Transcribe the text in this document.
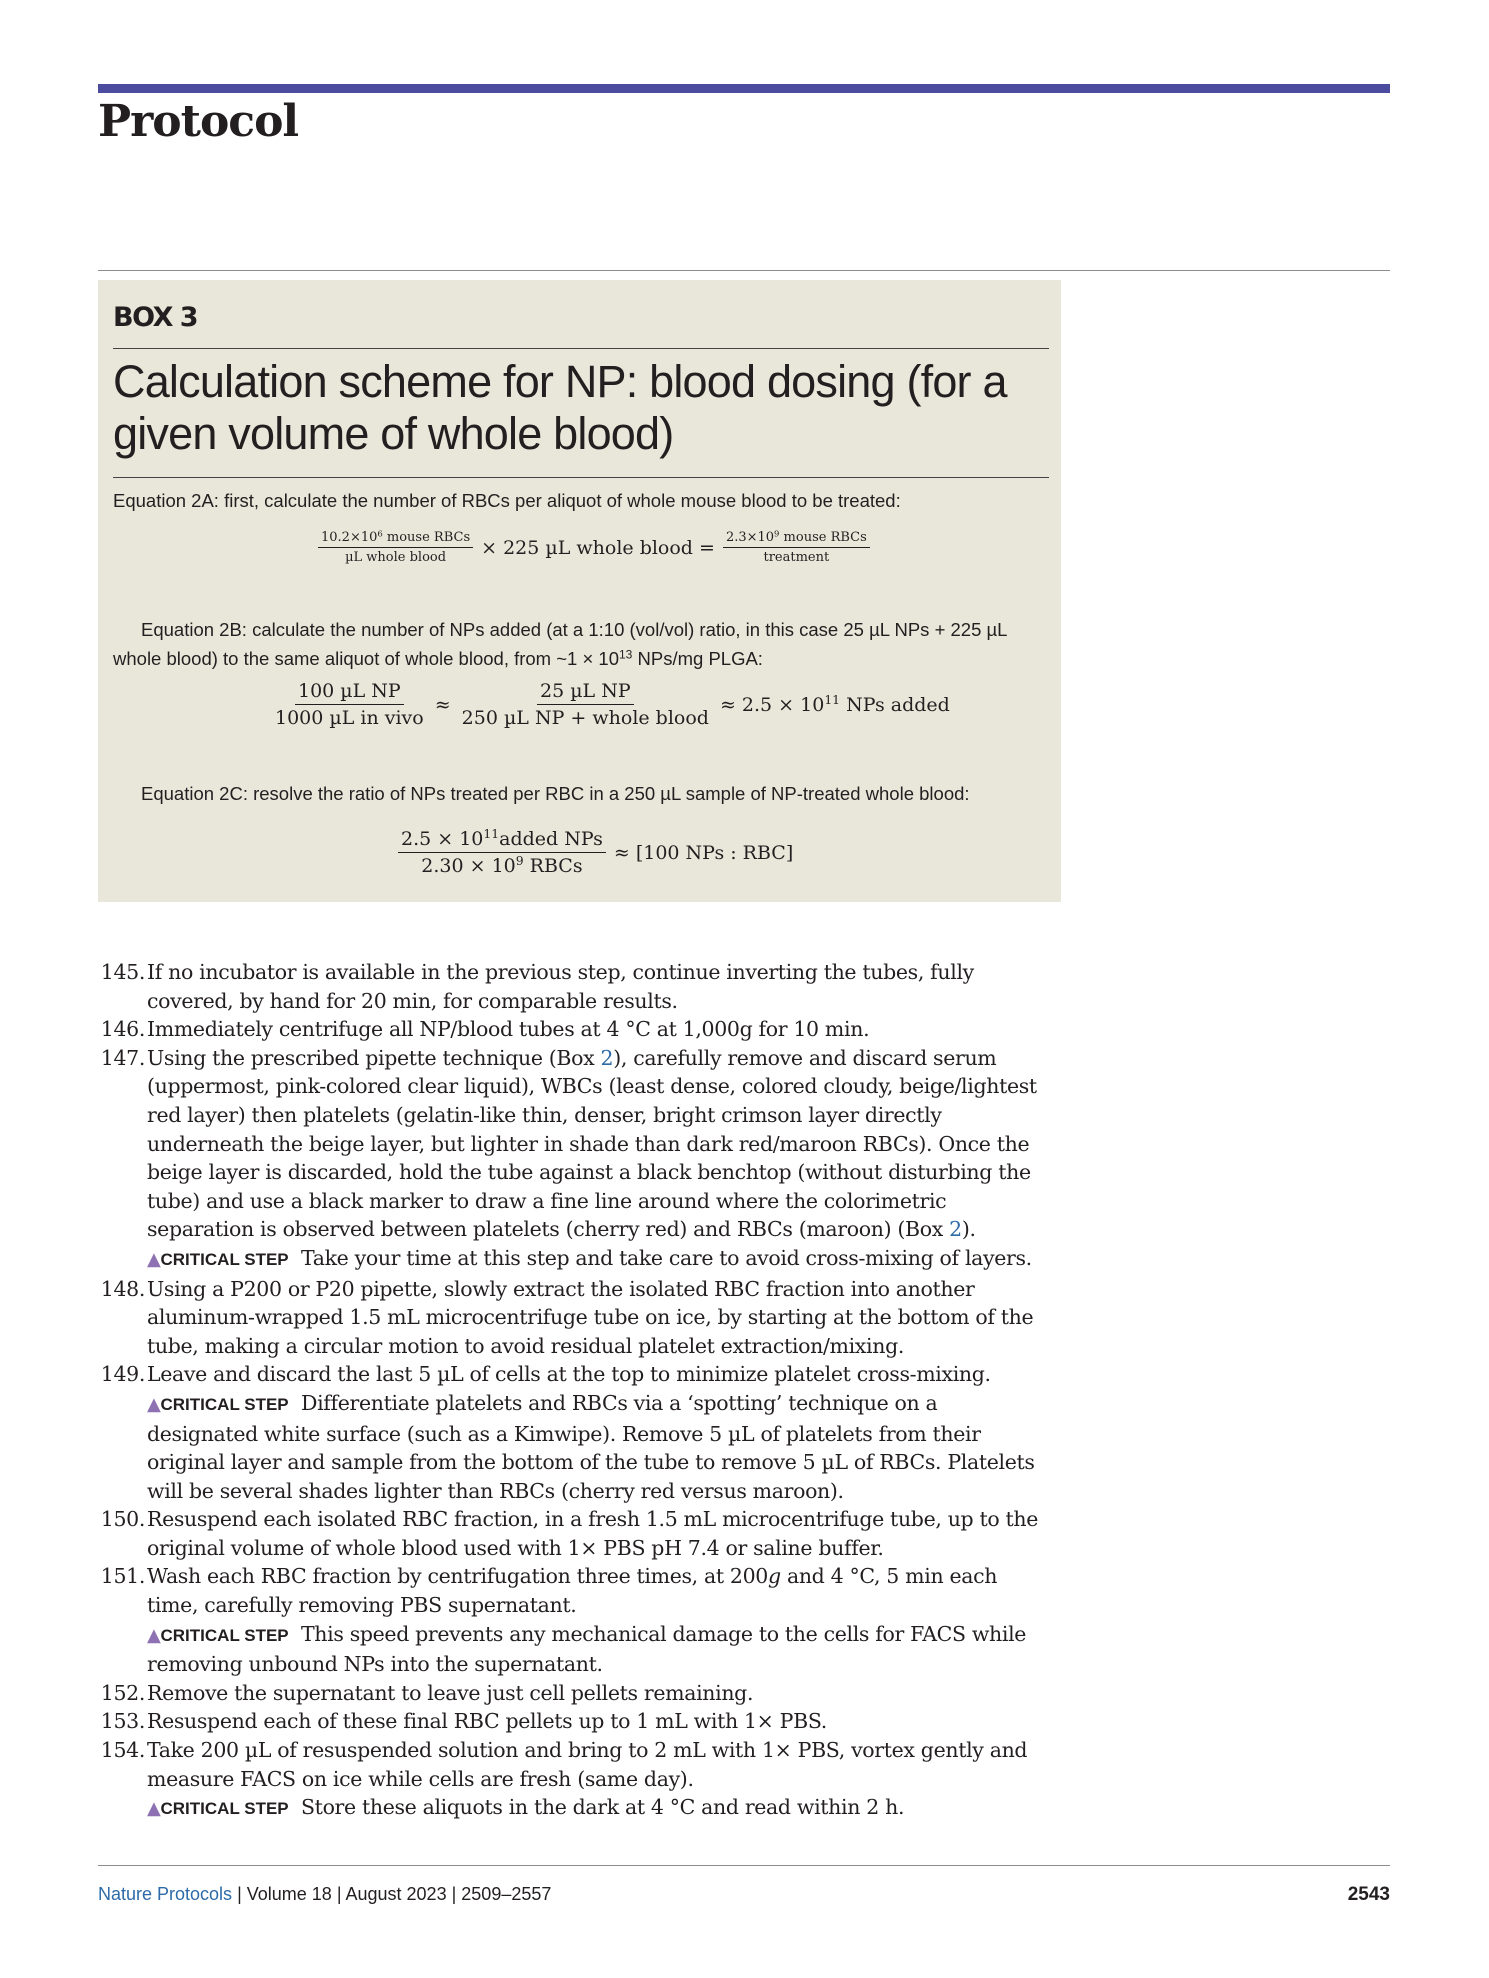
Protocol
BOX 3
Calculation scheme for NP: blood dosing (for a given volume of whole blood)
Equation 2A: first, calculate the number of RBCs per aliquot of whole mouse blood to be treated:
$\frac{10.2\times 10^6 mouse RBCs}{\text{µL whole blood}} \times 225$ µL whole blood = $\frac{2.3\times 10^9 mouse RBCs}{\text{treatment}}$
Equation 2B: calculate the number of NPs added (at a 1:10 (vol/vol) ratio, in this case 25 µL NPs + 225 µL whole blood) to the same aliquot of whole blood, from ~1 × $10^{13}$ NPs/mg PLGA:
$\frac{\text{100 µL NP}}{\text{1000 µL in vivo}} \approx \frac{\text{25 µL NP}}{\text{250 µL NP + whole blood}} \approx 2.5 \times 10^{11}$ NPs added
Equation 2C: resolve the ratio of NPs treated per RBC in a 250 µL sample of NP-treated whole blood:
$\frac{2.5 \times 10^{11}added NPs}{2.30 \times 10^9 RBCs} \approx [100$ NPs : RBC]
145. If no incubator is available in the previous step, continue inverting the tubes, fully covered, by hand for 20 min, for comparable results.
146. Immediately centrifuge all NP/blood tubes at 4 °C at 1,000g for 10 min.
147. Using the prescribed pipette technique (Box 2), carefully remove and discard serum (uppermost, pink-colored clear liquid), WBCs (least dense, colored cloudy, beige/lightest red layer) then platelets (gelatin-like thin, denser, bright crimson layer directly underneath the beige layer, but lighter in shade than dark red/maroon RBCs). Once the beige layer is discarded, hold the tube against a black benchtop (without disturbing the tube) and use a black marker to draw a fine line around where the colorimetric separation is observed between platelets (cherry red) and RBCs (maroon) (Box 2).
▲CRITICAL STEP Take your time at this step and take care to avoid cross-mixing of layers.
148. Using a P200 or P20 pipette, slowly extract the isolated RBC fraction into another aluminum-wrapped 1.5 mL microcentrifuge tube on ice, by starting at the bottom of the tube, making a circular motion to avoid residual platelet extraction/mixing.
149. Leave and discard the last 5 µL of cells at the top to minimize platelet cross-mixing.
▲CRITICAL STEP Differentiate platelets and RBCs via a ‘spotting’ technique on a designated white surface (such as a Kimwipe). Remove 5 µL of platelets from their original layer and sample from the bottom of the tube to remove 5 µL of RBCs. Platelets will be several shades lighter than RBCs (cherry red versus maroon).
150. Resuspend each isolated RBC fraction, in a fresh 1.5 mL microcentrifuge tube, up to the original volume of whole blood used with 1× PBS pH 7.4 or saline buffer.
151. Wash each RBC fraction by centrifugation three times, at 200g and 4 °C, 5 min each time, carefully removing PBS supernatant.
▲CRITICAL STEP This speed prevents any mechanical damage to the cells for FACS while removing unbound NPs into the supernatant.
152. Remove the supernatant to leave just cell pellets remaining.
153. Resuspend each of these final RBC pellets up to 1 mL with 1× PBS.
154. Take 200 µL of resuspended solution and bring to 2 mL with 1× PBS, vortex gently and measure FACS on ice while cells are fresh (same day).
▲CRITICAL STEP Store these aliquots in the dark at 4 °C and read within 2 h.
Nature Protocols | Volume 18 | August 2023 | 2509–2557	2543
